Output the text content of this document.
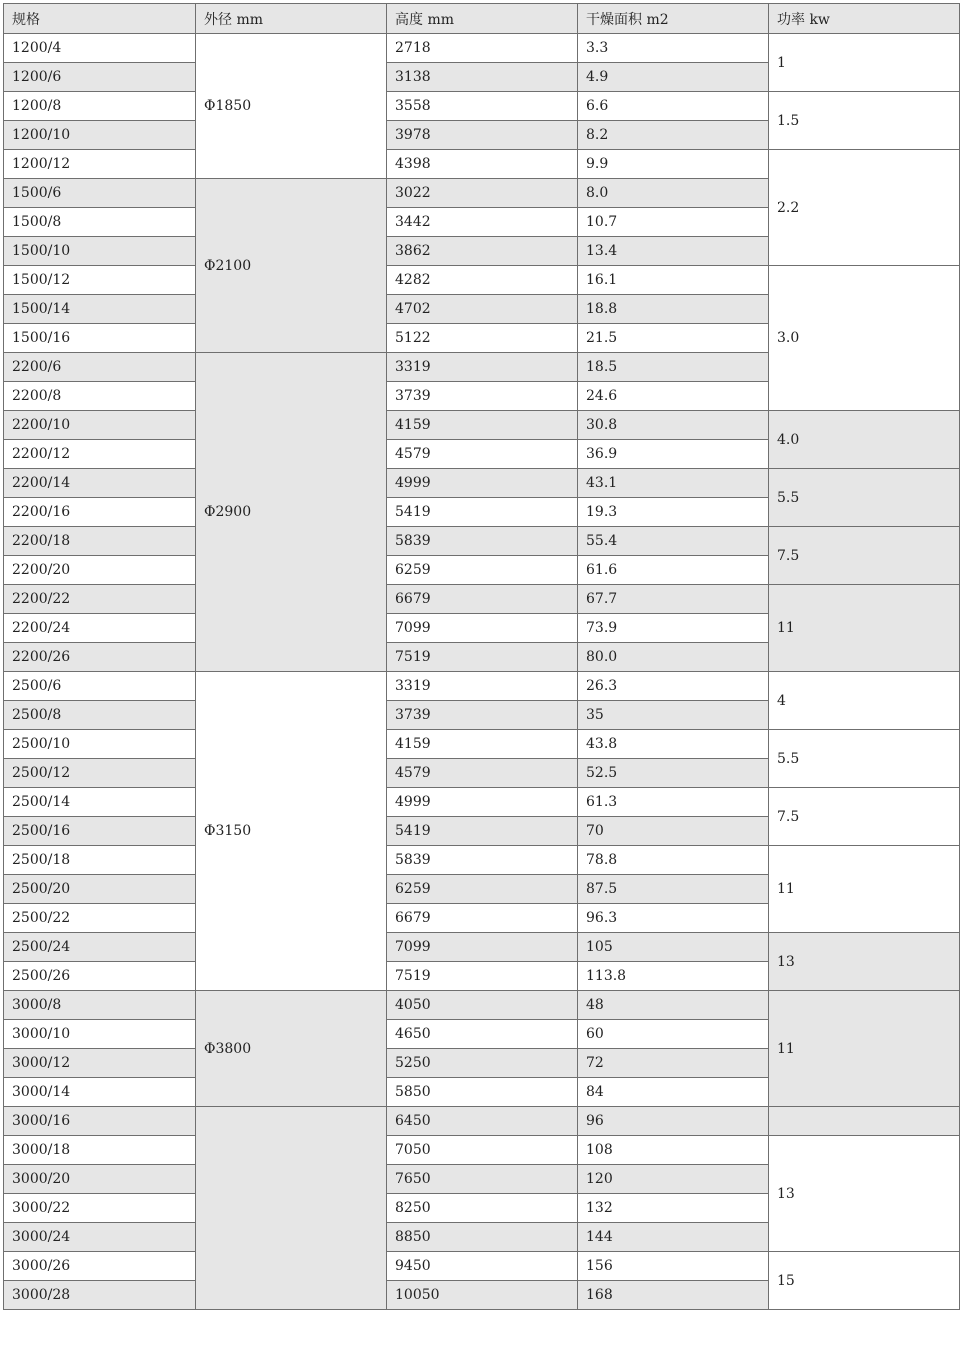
规格	外径 mm	高度 mm	干燥面积 m2	功率 kw
1200/4	Φ1850	2718	3.3	1
1200/6		3138	4.9	
1200/8		3558	6.6	1.5
1200/10		3978	8.2	
1200/12		4398	9.9	2.2
1500/6	Φ2100	3022	8.0	
1500/8		3442	10.7	
1500/10		3862	13.4	
1500/12		4282	16.1	3.0
1500/14		4702	18.8	
1500/16		5122	21.5	
2200/6	Φ2900	3319	18.5	
2200/8		3739	24.6	
2200/10		4159	30.8	4.0
2200/12		4579	36.9	
2200/14		4999	43.1	5.5
2200/16		5419	19.3	
2200/18		5839	55.4	7.5
2200/20		6259	61.6	
2200/22		6679	67.7	11
2200/24		7099	73.9	
2200/26		7519	80.0	
2500/6	Φ3150	3319	26.3	4
2500/8		3739	35	
2500/10		4159	43.8	5.5
2500/12		4579	52.5	
2500/14		4999	61.3	7.5
2500/16		5419	70	
2500/18		5839	78.8	11
2500/20		6259	87.5	
2500/22		6679	96.3	
2500/24		7099	105	13
2500/26		7519	113.8	
3000/8	Φ3800	4050	48	11
3000/10		4650	60	
3000/12		5250	72	
3000/14		5850	84	
3000/16		6450	96	
3000/18		7050	108	13
3000/20		7650	120	
3000/22		8250	132	
3000/24		8850	144	
3000/26		9450	156	15
3000/28		10050	168	
